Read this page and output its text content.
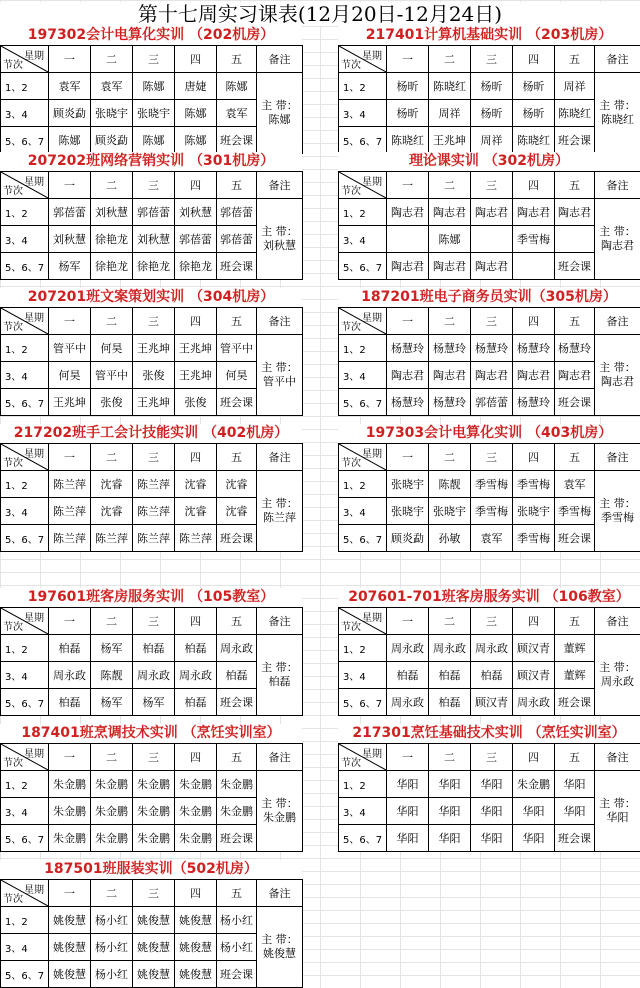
第十七周实习课表(12月20日-12月24日)
197302会计电算化实训 （202机房）
星期
节次	一	二	三	四	五	备注
1、2	袁军	袁军	陈娜	唐婕	陈娜	主 带：
陈娜

3、4	顾炎勐	张晓宇	张晓宇	陈娜	袁军	
5、6、7	陈娜	顾炎勐	陈娜	陈娜	班会课	
217401计算机基础实训 （203机房）
星期
节次	一	二	三	四	五	备注
1、2	杨昕	陈晓红	杨昕	杨昕	周祥	主 带：
陈晓红

3、4	杨昕	周祥	杨昕	杨昕	陈晓红	
5、6、7	陈晓红	王兆坤	周祥	陈晓红	班会课	
207202班网络营销实训 （301机房）
星期
节次	一	二	三	四	五	备注
1、2	郭蓓蕾	刘秋慧	郭蓓蕾	刘秋慧	郭蓓蕾	主 带：
刘秋慧

3、4	刘秋慧	徐艳龙	刘秋慧	郭蓓蕾	郭蓓蕾	
5、6、7	杨军	徐艳龙	徐艳龙	徐艳龙	班会课	
理论课实训 （302机房）
星期
节次	一	二	三	四	五	备注
1、2	陶志君	陶志君	陶志君	陶志君	陶志君	主 带：
陶志君

3、4		陈娜		季雪梅		
5、6、7	陶志君	陶志君	陶志君		班会课	
207201班文案策划实训 （304机房）
星期
节次	一	二	三	四	五	备注
1、2	管平中	何昊	王兆坤	王兆坤	管平中	主 带：
管平中

3、4	何昊	管平中	张俊	王兆坤	何昊	
5、6、7	王兆坤	张俊	王兆坤	张俊	班会课	
187201班电子商务员实训（305机房）
星期
节次	一	二	三	四	五	备注
1、2	杨慧玲	杨慧玲	杨慧玲	杨慧玲	杨慧玲	主 带：
陶志君

3、4	陶志君	陶志君	陶志君	陶志君	陶志君	
5、6、7	杨慧玲	杨慧玲	郭蓓蕾	杨慧玲	班会课	
217202班手工会计技能实训 （402机房）
星期
节次	一	二	三	四	五	备注
1、2	陈兰萍	沈睿	陈兰萍	沈睿	沈睿	主 带：
陈兰萍

3、4	陈兰萍	沈睿	陈兰萍	沈睿	沈睿	
5、6、7	陈兰萍	陈兰萍	陈兰萍	陈兰萍	班会课	
197303会计电算化实训 （403机房）
星期
节次	一	二	三	四	五	备注
1、2	张晓宇	陈靓	季雪梅	季雪梅	袁军	主 带：
季雪梅

3、4	张晓宇	张晓宇	季雪梅	张晓宇	季雪梅	
5、6、7	顾炎勐	孙敏	袁军	季雪梅	班会课	
197601班客房服务实训 （105教室）
星期
节次	一	二	三	四	五	备注
1、2	柏磊	杨军	柏磊	柏磊	周永政	主 带：
柏磊

3、4	周永政	陈靓	周永政	周永政	柏磊	
5、6、7	柏磊	杨军	杨军	柏磊	班会课	
207601-701班客房服务实训 （106教室）
星期
节次	一	二	三	四	五	备注
1、2	周永政	周永政	周永政	顾汉青	董辉	主 带：
周永政

3、4	柏磊	柏磊	柏磊	顾汉青	董辉	
5、6、7	周永政	柏磊	顾汉青	周永政	班会课	
187401班烹调技术实训 （烹饪实训室）
星期
节次	一	二	三	四	五	备注
1、2	朱金鹏	朱金鹏	朱金鹏	朱金鹏	朱金鹏	主 带：
朱金鹏

3、4	朱金鹏	朱金鹏	朱金鹏	朱金鹏	朱金鹏	
5、6、7	朱金鹏	朱金鹏	朱金鹏	朱金鹏	班会课	
217301烹饪基础技术实训 （烹饪实训室）
星期
节次	一	二	三	四	五	备注
1、2	华阳	华阳	华阳	朱金鹏	华阳	主 带：
华阳

3、4	华阳	华阳	华阳	华阳	华阳	
5、6、7	华阳	华阳	华阳	华阳	班会课	
187501班服装实训（502机房）
星期
节次	一	二	三	四	五	备注
1、2	姚俊慧	杨小红	姚俊慧	姚俊慧	杨小红	主 带：
姚俊慧

3、4	姚俊慧	杨小红	姚俊慧	姚俊慧	杨小红	
5、6、7	姚俊慧	杨小红	姚俊慧	姚俊慧	班会课	
